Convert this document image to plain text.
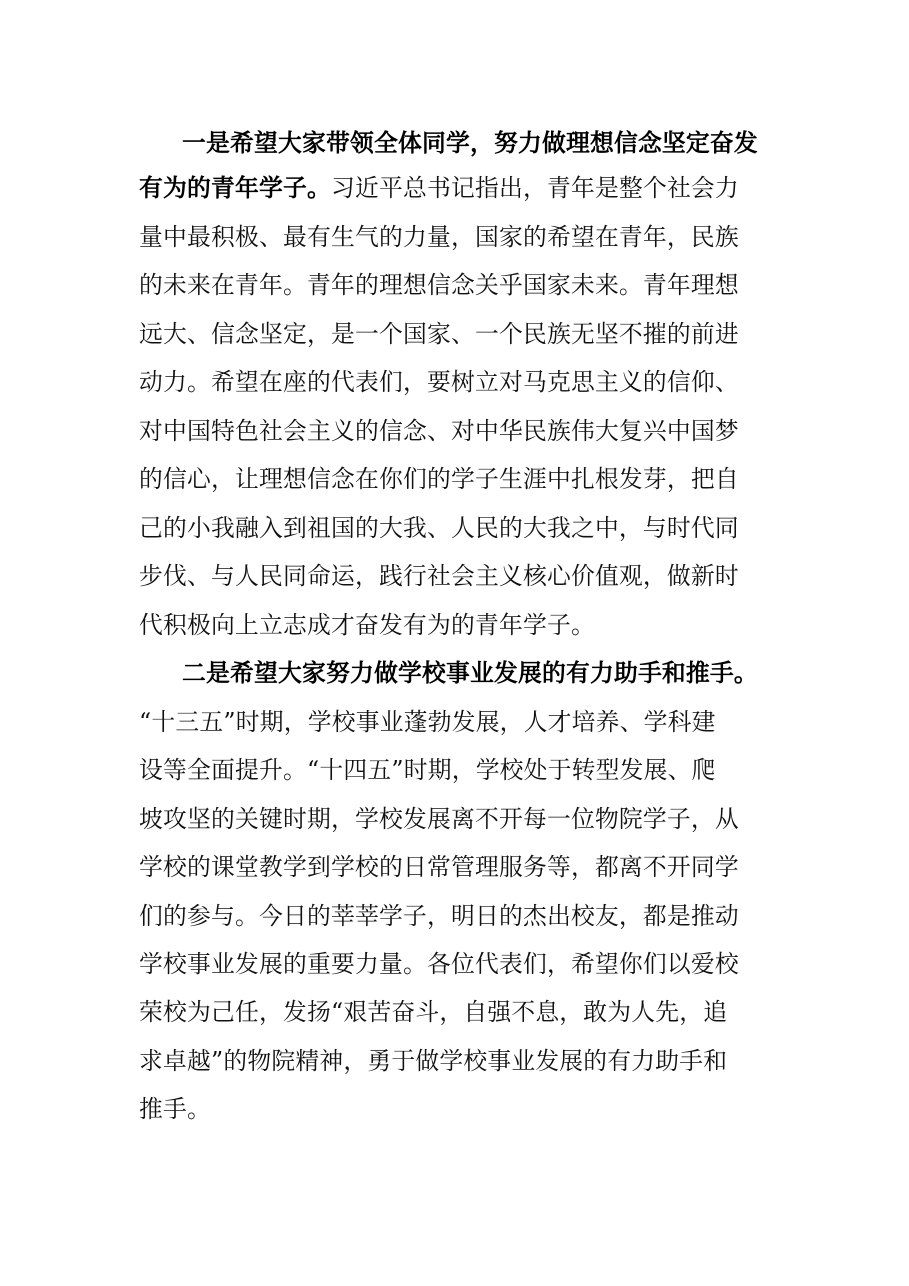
一是希望大家带领全体同学，努力做理想信念坚定奋发
有为的青年学子。习近平总书记指出，青年是整个社会力
量中最积极、最有生气的力量，国家的希望在青年，民族
的未来在青年。青年的理想信念关乎国家未来。青年理想
远大、信念坚定，是一个国家、一个民族无坚不摧的前进
动力。希望在座的代表们，要树立对马克思主义的信仰、
对中国特色社会主义的信念、对中华民族伟大复兴中国梦
的信心，让理想信念在你们的学子生涯中扎根发芽，把自
己的小我融入到祖国的大我、人民的大我之中，与时代同
步伐、与人民同命运，践行社会主义核心价值观，做新时
代积极向上立志成才奋发有为的青年学子。
二是希望大家努力做学校事业发展的有力助手和推手。
“十三五”时期，学校事业蓬勃发展，人才培养、学科建
设等全面提升。“十四五”时期，学校处于转型发展、爬
坡攻坚的关键时期，学校发展离不开每一位物院学子，从
学校的课堂教学到学校的日常管理服务等，都离不开同学
们的参与。今日的莘莘学子，明日的杰出校友，都是推动
学校事业发展的重要力量。各位代表们，希望你们以爱校
荣校为己任，发扬“艰苦奋斗，自强不息，敢为人先，追
求卓越”的物院精神，勇于做学校事业发展的有力助手和
推手。
